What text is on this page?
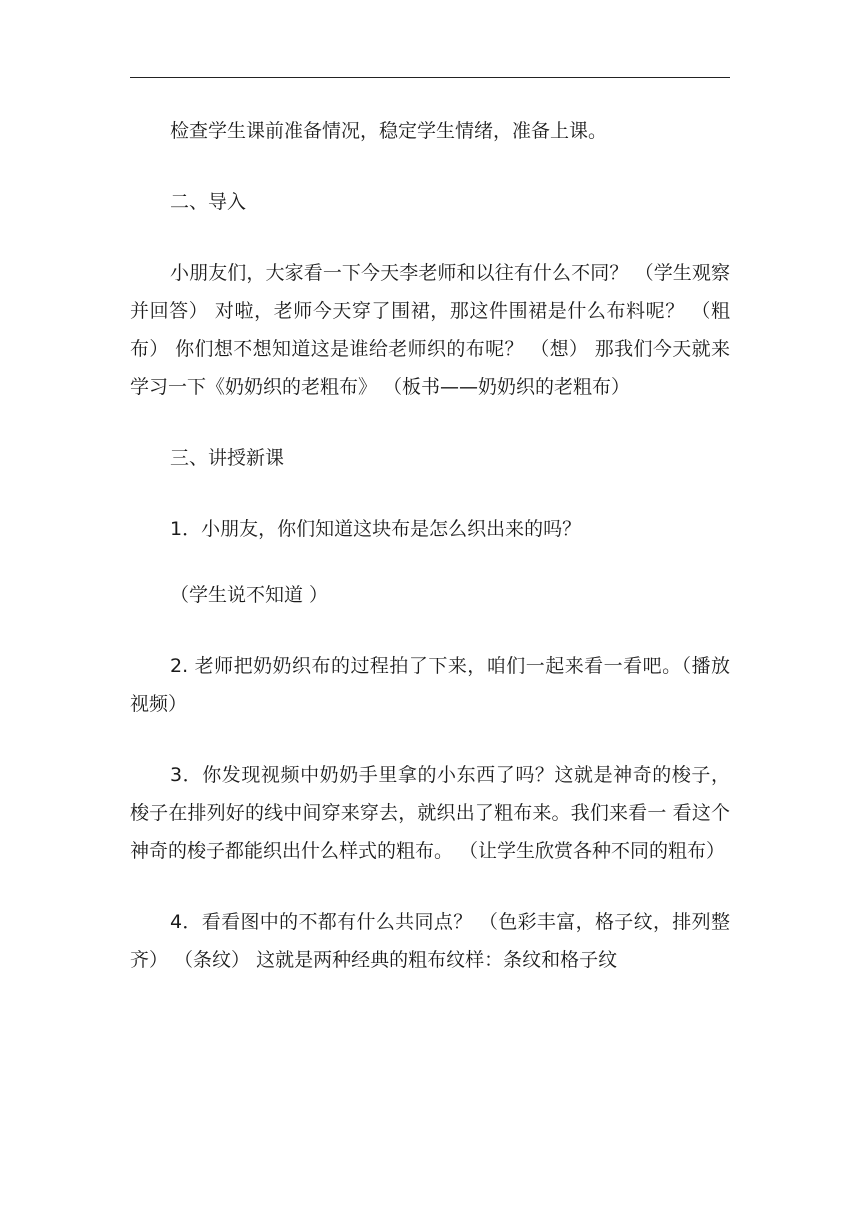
检查学生课前准备情况，稳定学生情绪，准备上课。

二、导入

小朋友们，大家看一下今天李老师和以往有什么不同？ （学生观察并回答） 对啦，老师今天穿了围裙，那这件围裙是什么布料呢？ （粗布） 你们想不想知道这是谁给老师织的布呢？ （想） 那我们今天就来学习一下《奶奶织的老粗布》 （板书——奶奶织的老粗布）

三、讲授新课

1．小朋友，你们知道这块布是怎么织出来的吗？

（学生说不知道 ）

2. 老师把奶奶织布的过程拍了下来，咱们一起来看一看吧。（播放视频）

3．你发现视频中奶奶手里拿的小东西了吗？这就是神奇的梭子， 梭子在排列好的线中间穿来穿去，就织出了粗布来。我们来看一 看这个神奇的梭子都能织出什么样式的粗布。 （让学生欣赏各种不同的粗布）

4．看看图中的不都有什么共同点？ （色彩丰富，格子纹，排列整齐） （条纹） 这就是两种经典的粗布纹样：条纹和格子纹
